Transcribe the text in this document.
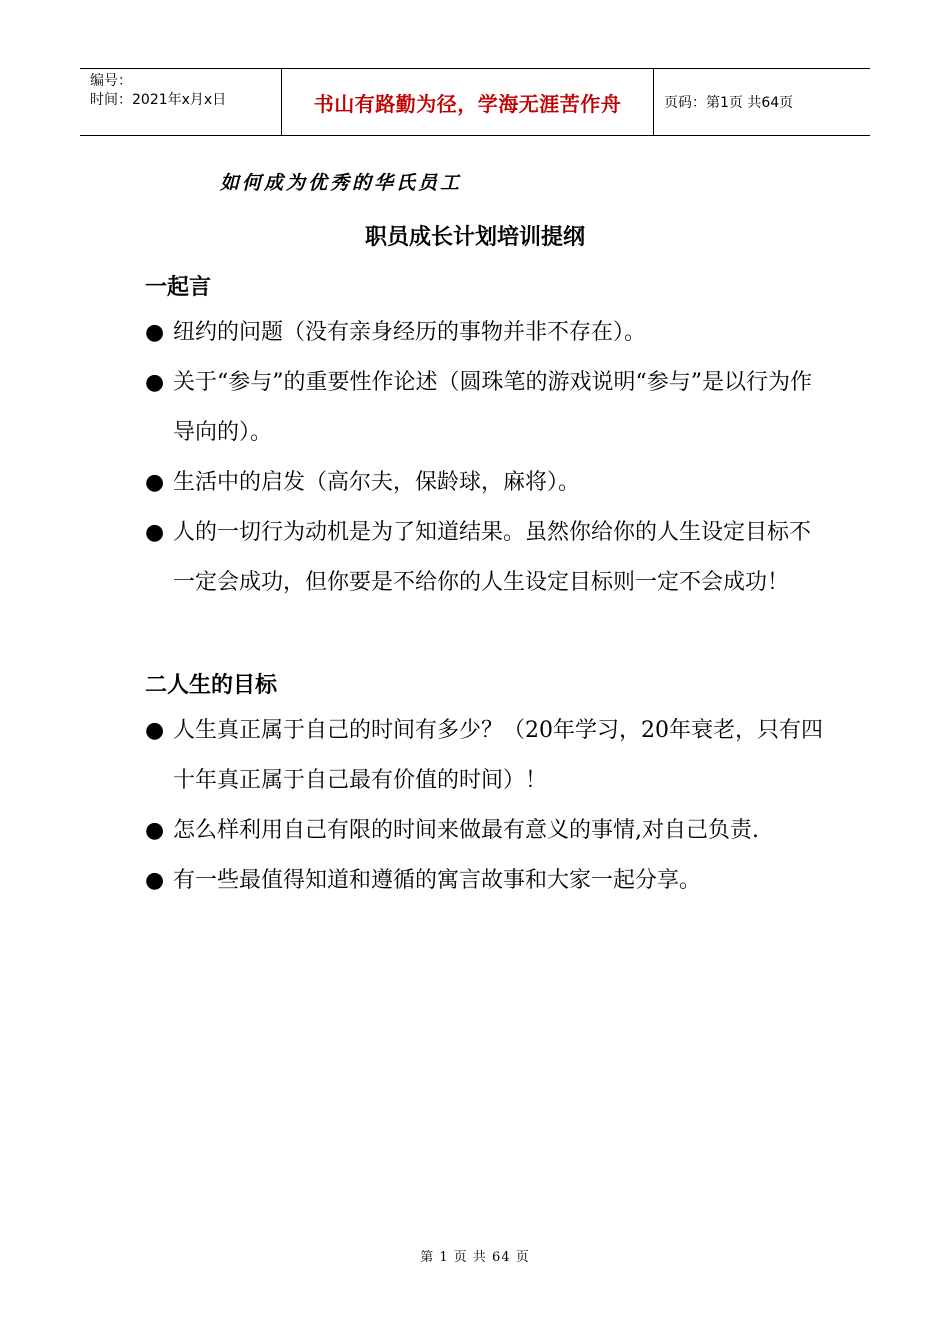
编号：
时间：2021年x月x日	书山有路勤为径，学海无涯苦作舟	页码：第1页 共64页
如何成为优秀的华氏员工
职员成长计划培训提纲
一起言
● 纽约的问题（没有亲身经历的事物并非不存在）。
● 关于“参与”的重要性作论述（圆珠笔的游戏说明“参与”是以行为作导向的）。
● 生活中的启发（高尔夫，保龄球，麻将）。
● 人的一切行为动机是为了知道结果。虽然你给你的人生设定目标不一定会成功，但你要是不给你的人生设定目标则一定不会成功！
二人生的目标
● 人生真正属于自己的时间有多少？（20年学习，20年衰老，只有四十年真正属于自己最有价值的时间）！
● 怎么样利用自己有限的时间来做最有意义的事情,对自己负责.
● 有一些最值得知道和遵循的寓言故事和大家一起分享。
第 1 页 共 64 页
